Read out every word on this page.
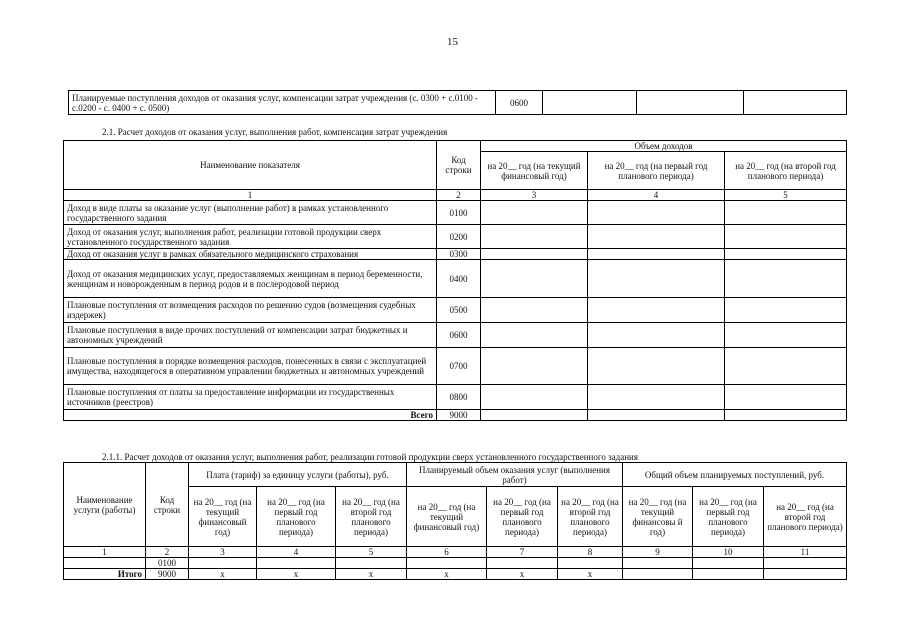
15
Планируемые поступления доходов от оказания услуг, компенсации затрат учреждения (с. 0300 + с.0100 - с.0200 - с. 0400 + с. 0500)	0600			
2.1. Расчет доходов от оказания услуг, выполнения работ, компенсация затрат учреждения
Наименование показателя	Код строки	Объем доходов		
		на 20__ год (на текущий финансовый год)	на 20__ год (на первый год планового периода)	на 20__ год (на второй год планового периода)
1	2	3	4	5
Доход в виде платы за оказание услуг (выполнение работ) в рамках установленного государственного задания	0100			
Доход от оказания услуг, выполнения работ, реализации готовой продукции сверх установленного государственного задания	0200			
Доход от оказания услуг в рамках обязательного медицинского страхования	0300			
Доход от оказания медицинских услуг, предоставляемых женщинам в период беременности, женщинам и новорожденным в период родов и в послеродовой период	0400			
Плановые поступления от возмещения расходов по решению судов (возмещения судебных издержек)	0500			
Плановые поступления в виде прочих поступлений от компенсации затрат бюджетных и автономных учреждений	0600			
Плановые поступления в порядке возмещения расходов, понесенных в связи с эксплуатацией имущества, находящегося в оперативном управлении бюджетных и автономных учреждений	0700			
Плановые поступления от платы за предоставление информации из государственных источников (реестров)	0800			
Всего	9000			
2.1.1. Расчет доходов от оказания услуг, выполнения работ, реализации готовой продукции сверх установленного государственного задания
Наименование услуги (работы)	Код строки	Плата (тариф) за единицу услуги (работы), руб.			Планируемый объем оказания услуг (выполнения работ)			Общий объем планируемых поступлений, руб.		
		на 20__ год (на текущий финансовый год)	на 20__ год (на первый год планового периода)	на 20__ год (на второй год планового периода)	на 20__ год (на текущий финансовый год)	на 20__ год (на первый год планового периода)	на 20__ год (на второй год планового периода)	на 20__ год (на текущий финансовы й год)	на 20__ год (на первый год планового периода)	на 20__ год (на второй год планового периода)
1	2	3	4	5	6	7	8	9	10	11
	0100									
Итого	9000	x	x	x	x	x	x			
